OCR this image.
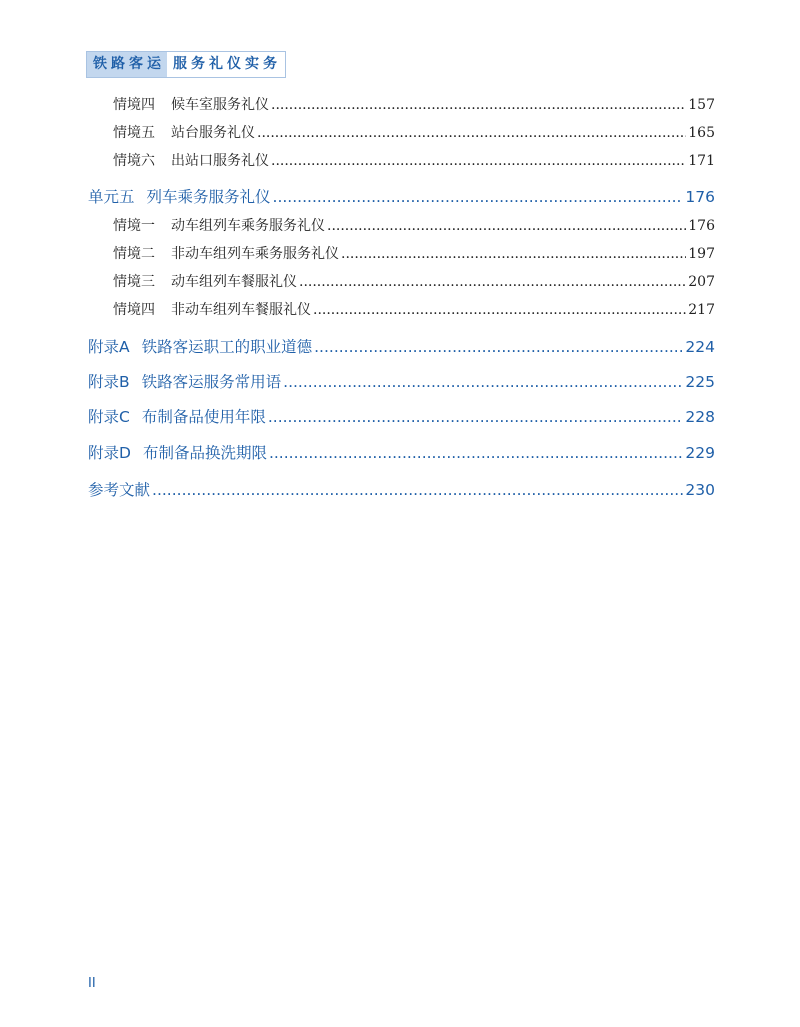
铁路客运 服务礼仪实务
情境四	候车室服务礼仪 .....	157
情境五	站台服务礼仪 .....	165
情境六	出站口服务礼仪 .....	171
单元五 列车乘务服务礼仪 .....	176
情境一	动车组列车乘务服务礼仪 .....	176
情境二	非动车组列车乘务服务礼仪 .....	197
情境三	动车组列车餐服礼仪 .....	207
情境四	非动车组列车餐服礼仪 .....	217
附录A 铁路客运职工的职业道德 .....	224
附录B 铁路客运服务常用语 .....	225
附录C 布制备品使用年限 .....	228
附录D 布制备品换洗期限 .....	229
参考文献 .....	230
II
